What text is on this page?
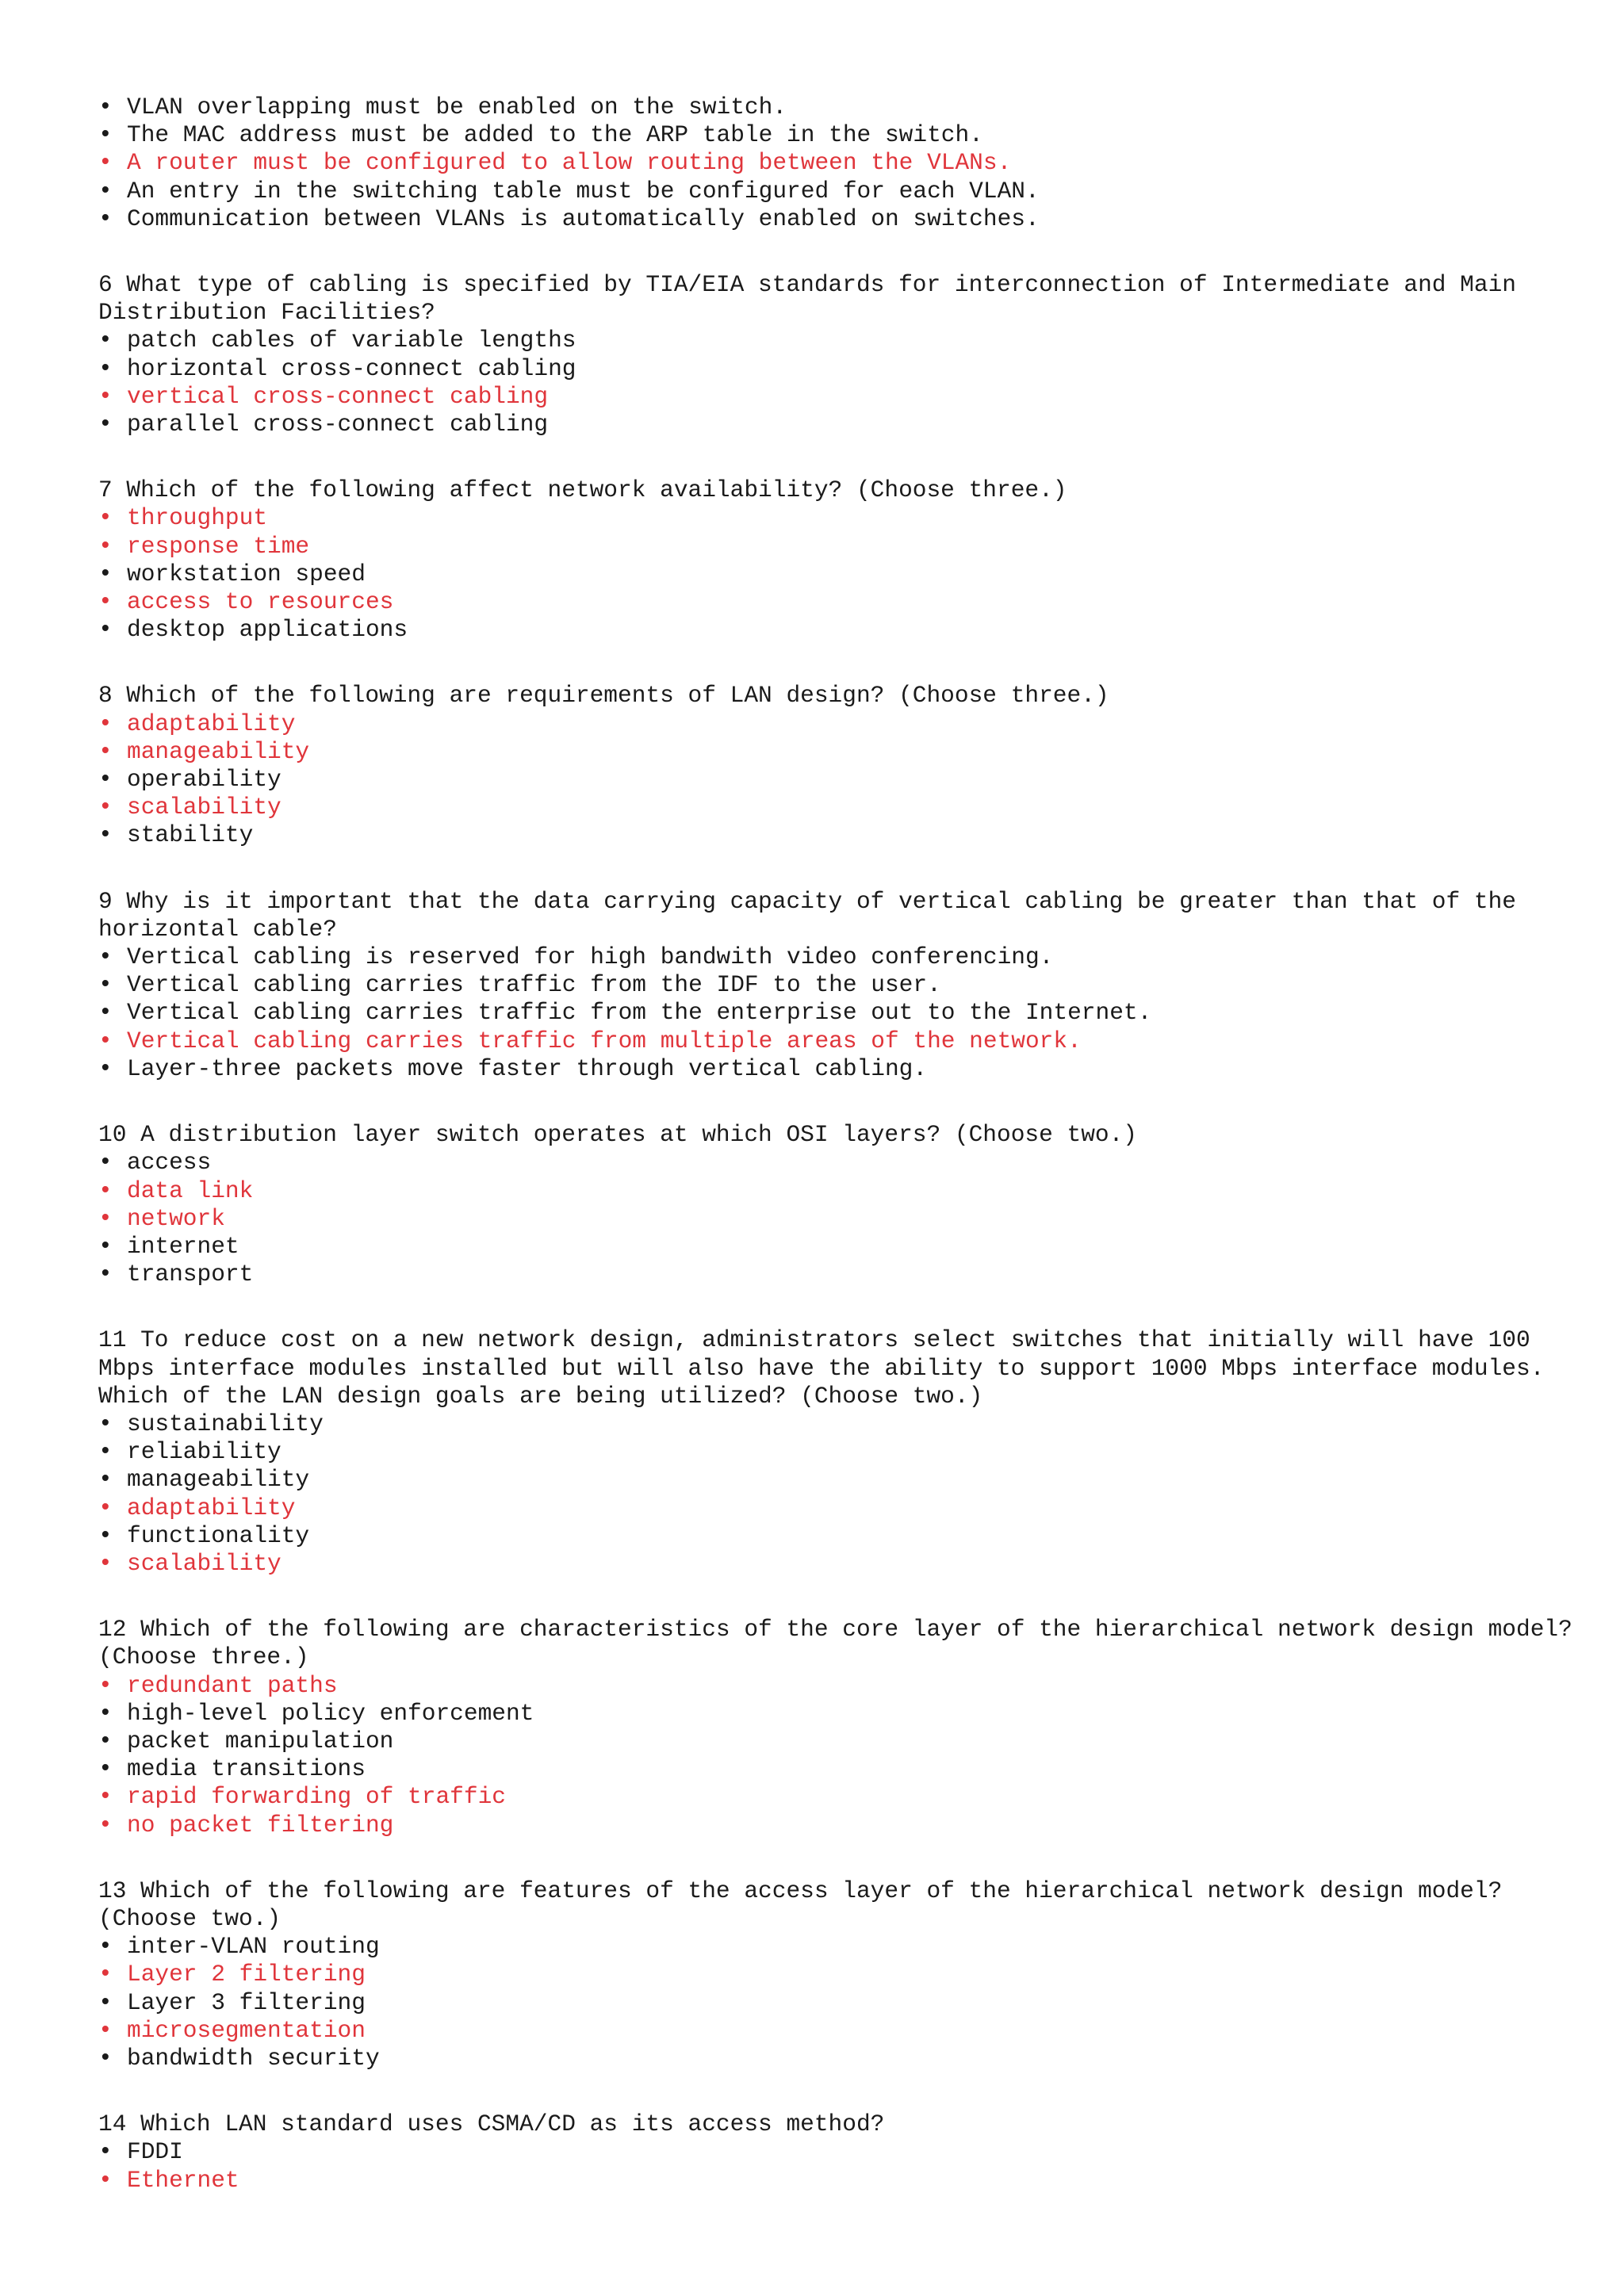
• VLAN overlapping must be enabled on the switch.
• The MAC address must be added to the ARP table in the switch.
• A router must be configured to allow routing between the VLANs.
• An entry in the switching table must be configured for each VLAN.
• Communication between VLANs is automatically enabled on switches.
6 What type of cabling is specified by TIA/EIA standards for interconnection of Intermediate and Main Distribution Facilities?
• patch cables of variable lengths
• horizontal cross-connect cabling
• vertical cross-connect cabling
• parallel cross-connect cabling
7 Which of the following affect network availability? (Choose three.)
• throughput
• response time
• workstation speed
• access to resources
• desktop applications
8 Which of the following are requirements of LAN design? (Choose three.)
• adaptability
• manageability
• operability
• scalability
• stability
9 Why is it important that the data carrying capacity of vertical cabling be greater than that of the horizontal cable?
• Vertical cabling is reserved for high bandwith video conferencing.
• Vertical cabling carries traffic from the IDF to the user.
• Vertical cabling carries traffic from the enterprise out to the Internet.
• Vertical cabling carries traffic from multiple areas of the network.
• Layer-three packets move faster through vertical cabling.
10 A distribution layer switch operates at which OSI layers? (Choose two.)
• access
• data link
• network
• internet
• transport
11 To reduce cost on a new network design, administrators select switches that initially will have 100 Mbps interface modules installed but will also have the ability to support 1000 Mbps interface modules. Which of the LAN design goals are being utilized? (Choose two.)
• sustainability
• reliability
• manageability
• adaptability
• functionality
• scalability
12 Which of the following are characteristics of the core layer of the hierarchical network design model? (Choose three.)
• redundant paths
• high-level policy enforcement
• packet manipulation
• media transitions
• rapid forwarding of traffic
• no packet filtering
13 Which of the following are features of the access layer of the hierarchical network design model? (Choose two.)
• inter-VLAN routing
• Layer 2 filtering
• Layer 3 filtering
• microsegmentation
• bandwidth security
14 Which LAN standard uses CSMA/CD as its access method?
• FDDI
• Ethernet
